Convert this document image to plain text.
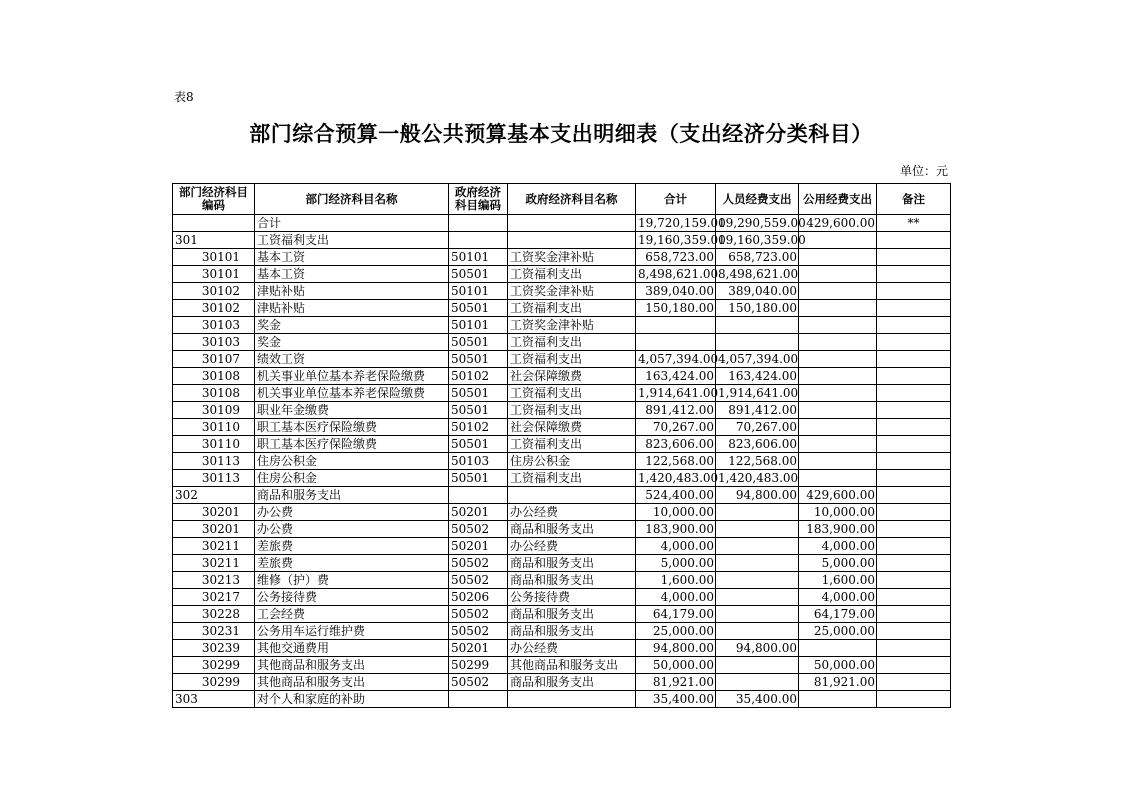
表8
部门综合预算一般公共预算基本支出明细表（支出经济分类科目）
单位：元
部门经济科目编码	部门经济科目名称	政府经济科目编码	政府经济科目名称	合计	人员经费支出	公用经费支出	备注
	合计			19,720,159.00	19,290,559.00	429,600.00	**
301	工资福利支出			19,160,359.00	19,160,359.00		
30101	基本工资	50101	工资奖金津补贴	658,723.00	658,723.00		
30101	基本工资	50501	工资福利支出	8,498,621.00	8,498,621.00		
30102	津贴补贴	50101	工资奖金津补贴	389,040.00	389,040.00		
30102	津贴补贴	50501	工资福利支出	150,180.00	150,180.00		
30103	奖金	50101	工资奖金津补贴				
30103	奖金	50501	工资福利支出				
30107	绩效工资	50501	工资福利支出	4,057,394.00	4,057,394.00		
30108	机关事业单位基本养老保险缴费	50102	社会保障缴费	163,424.00	163,424.00		
30108	机关事业单位基本养老保险缴费	50501	工资福利支出	1,914,641.00	1,914,641.00		
30109	职业年金缴费	50501	工资福利支出	891,412.00	891,412.00		
30110	职工基本医疗保险缴费	50102	社会保障缴费	70,267.00	70,267.00		
30110	职工基本医疗保险缴费	50501	工资福利支出	823,606.00	823,606.00		
30113	住房公积金	50103	住房公积金	122,568.00	122,568.00		
30113	住房公积金	50501	工资福利支出	1,420,483.00	1,420,483.00		
302	商品和服务支出			524,400.00	94,800.00	429,600.00	
30201	办公费	50201	办公经费	10,000.00		10,000.00	
30201	办公费	50502	商品和服务支出	183,900.00		183,900.00	
30211	差旅费	50201	办公经费	4,000.00		4,000.00	
30211	差旅费	50502	商品和服务支出	5,000.00		5,000.00	
30213	维修（护）费	50502	商品和服务支出	1,600.00		1,600.00	
30217	公务接待费	50206	公务接待费	4,000.00		4,000.00	
30228	工会经费	50502	商品和服务支出	64,179.00		64,179.00	
30231	公务用车运行维护费	50502	商品和服务支出	25,000.00		25,000.00	
30239	其他交通费用	50201	办公经费	94,800.00	94,800.00		
30299	其他商品和服务支出	50299	其他商品和服务支出	50,000.00		50,000.00	
30299	其他商品和服务支出	50502	商品和服务支出	81,921.00		81,921.00	
303	对个人和家庭的补助			35,400.00	35,400.00		
